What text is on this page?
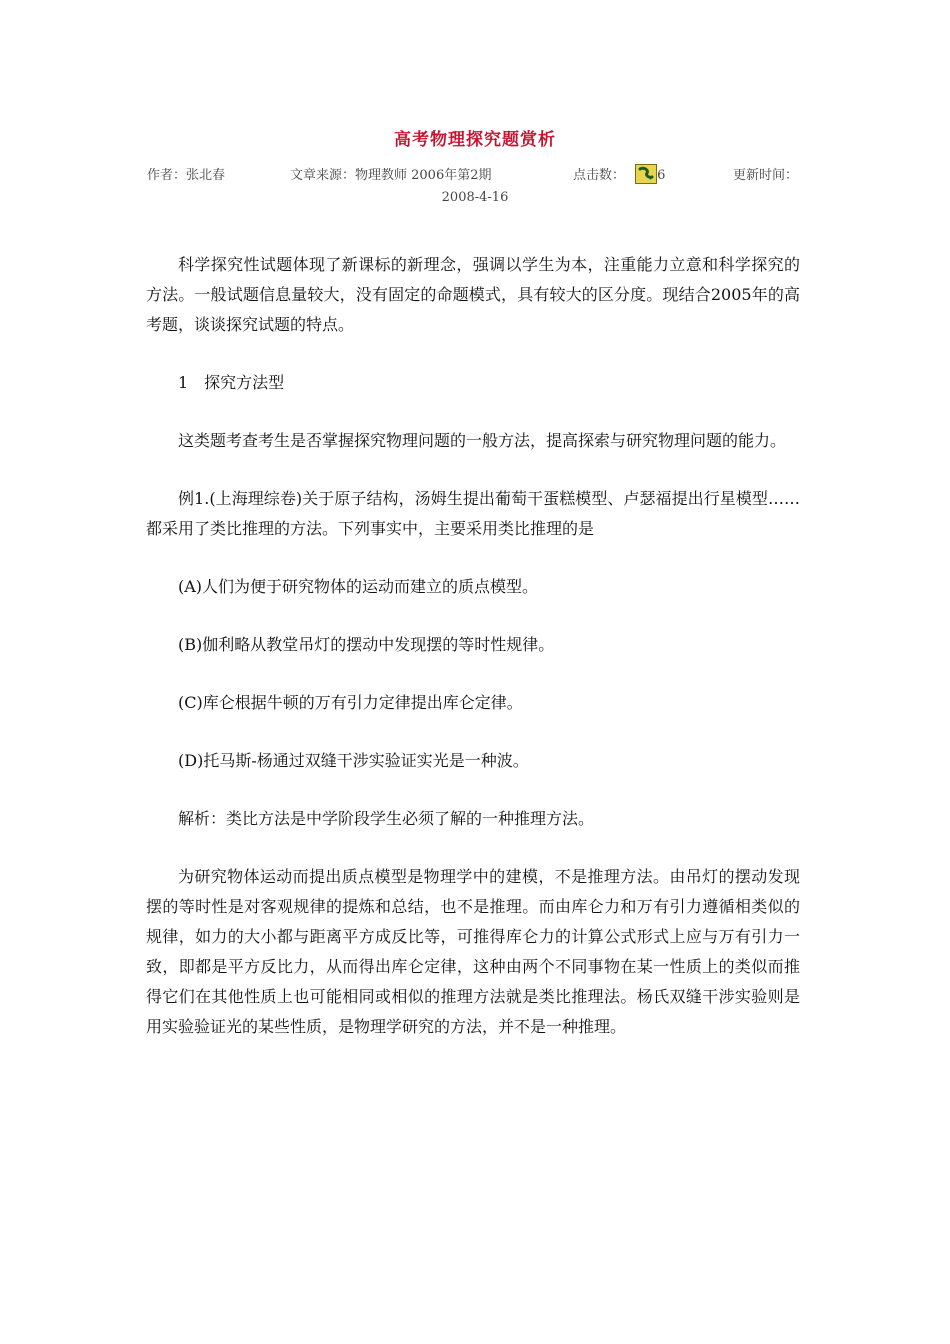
高考物理探究题赏析
作者：张北春	文章来源：物理教师 2006年第2期	点击数： 6	更新时间：
2008-4-16

科学探究性试题体现了新课标的新理念，强调以学生为本，注重能力立意和科学探究的方法。一般试题信息量较大，没有固定的命题模式，具有较大的区分度。现结合2005年的高考题，谈谈探究试题的特点。

1　探究方法型

这类题考查考生是否掌握探究物理问题的一般方法，提高探索与研究物理问题的能力。

例1.(上海理综卷)关于原子结构，汤姆生提出葡萄干蛋糕模型、卢瑟福提出行星模型……　都采用了类比推理的方法。下列事实中，主要采用类比推理的是

(A)人们为便于研究物体的运动而建立的质点模型。

(B)伽利略从教堂吊灯的摆动中发现摆的等时性规律。

(C)库仑根据牛顿的万有引力定律提出库仑定律。

(D)托马斯-杨通过双缝干涉实验证实光是一种波。

解析：类比方法是中学阶段学生必须了解的一种推理方法。

为研究物体运动而提出质点模型是物理学中的建模，不是推理方法。由吊灯的摆动发现摆的等时性是对客观规律的提炼和总结，也不是推理。而由库仑力和万有引力遵循相类似的规律，如力的大小都与距离平方成反比等，可推得库仑力的计算公式形式上应与万有引力一致，即都是平方反比力，从而得出库仑定律，这种由两个不同事物在某一性质上的类似而推得它们在其他性质上也可能相同或相似的推理方法就是类比推理法。杨氏双缝干涉实验则是用实验验证光的某些性质，是物理学研究的方法，并不是一种推理。
